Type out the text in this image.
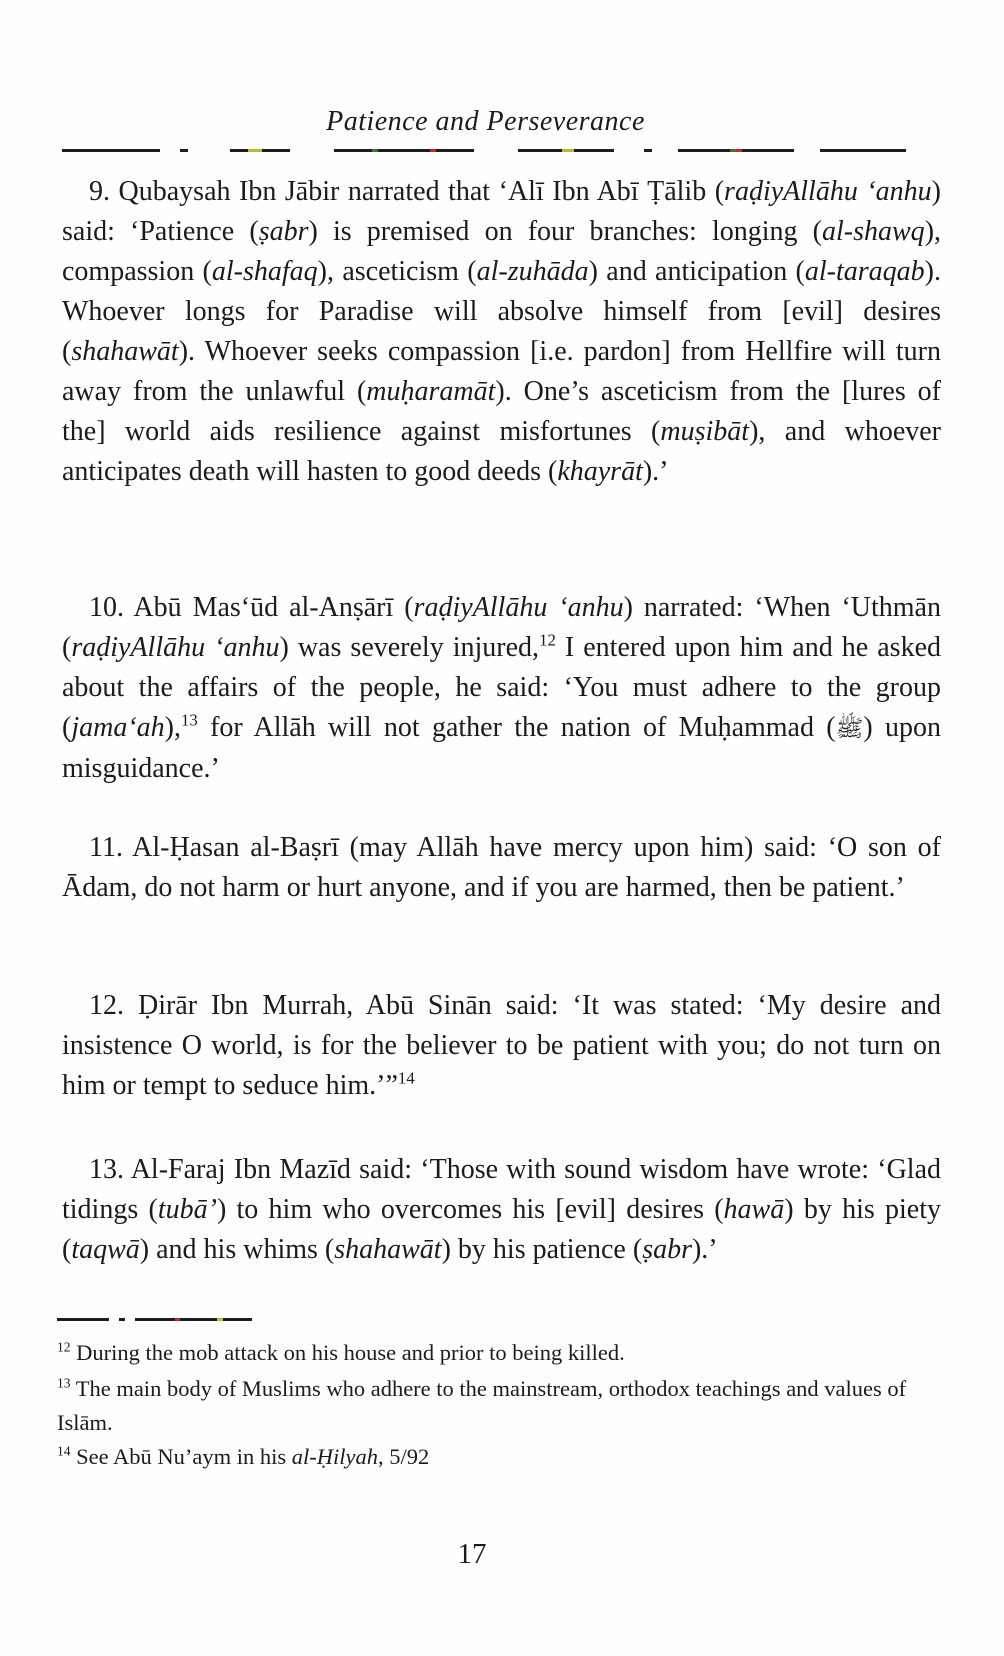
Patience and Perseverance

9. Qubaysah Ibn Jābir narrated that ‘Alī Ibn Abī Ṭālib (raḍiyAllāhu ‘anhu) said: ‘Patience (ṣabr) is premised on four branches: longing (al-shawq), compassion (al-shafaq), asceticism (al-zuhāda) and anticipation (al-taraqab). Whoever longs for Paradise will absolve himself from [evil] desires (shahawāt). Whoever seeks compassion [i.e. pardon] from Hellfire will turn away from the unlawful (muḥaramāt). One’s asceticism from the [lures of the] world aids resilience against misfortunes (muṣibāt), and whoever anticipates death will hasten to good deeds (khayrāt).’

10. Abū Mas‘ūd al-Anṣārī (raḍiyAllāhu ‘anhu) narrated: ‘When ‘Uthmān (raḍiyAllāhu ‘anhu) was severely injured,$^{12}$ I entered upon him and he asked about the affairs of the people, he said: ‘You must adhere to the group (jama‘ah),$^{13}$ for Allāh will not gather the nation of Muḥammad (ﷺ) upon misguidance.’

11. Al-Ḥasan al-Baṣrī (may Allāh have mercy upon him) said: ‘O son of Ādam, do not harm or hurt anyone, and if you are harmed, then be patient.’

12. Ḍirār Ibn Murrah, Abū Sinān said: ‘It was stated: ‘My desire and insistence O world, is for the believer to be patient with you; do not turn on him or tempt to seduce him.’”$^{14}$

13. Al-Faraj Ibn Mazīd said: ‘Those with sound wisdom have wrote: ‘Glad tidings (tubā’) to him who overcomes his [evil] desires (hawā) by his piety (taqwā) and his whims (shahawāt) by his patience (ṣabr).’

$^{12}$ During the mob attack on his house and prior to being killed.

$^{13}$ The main body of Muslims who adhere to the mainstream, orthodox teachings and values of Islām.

$^{14}$ See Abū Nu’aym in his al-Ḥilyah, 5/92

17
